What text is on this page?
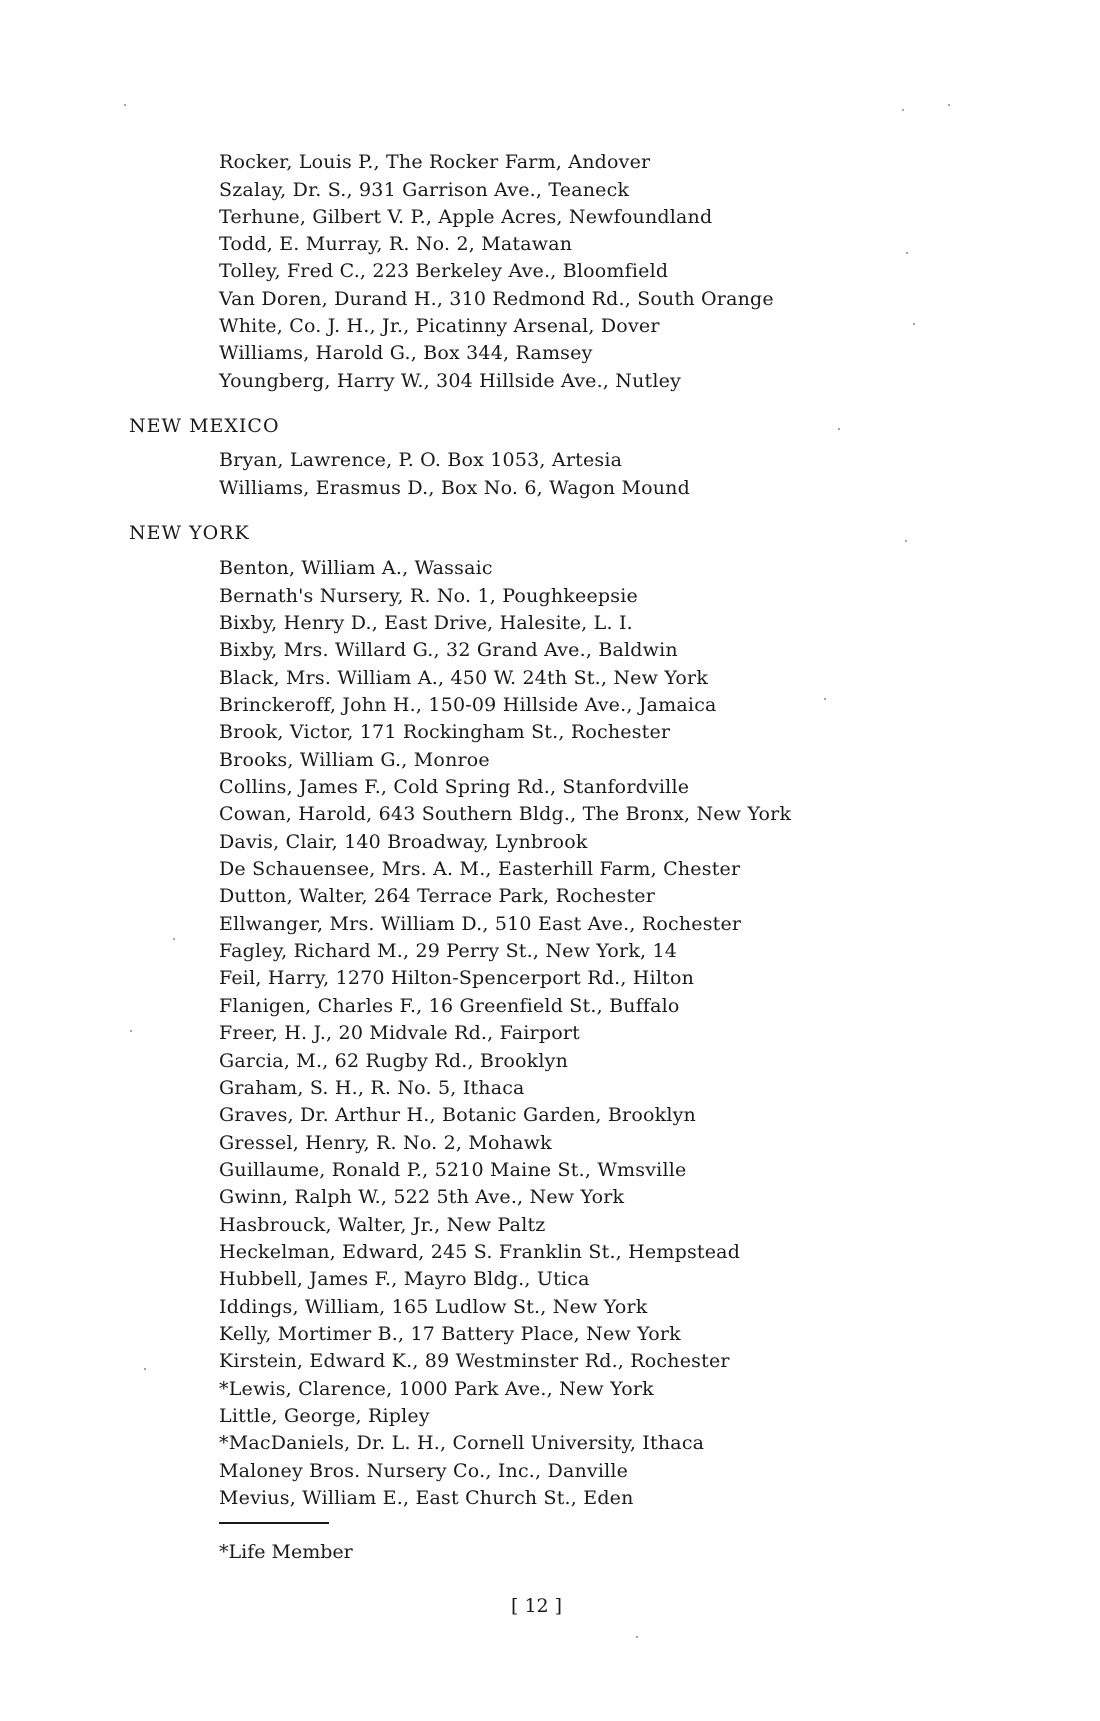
Rocker, Louis P., The Rocker Farm, Andover
Szalay, Dr. S., 931 Garrison Ave., Teaneck
Terhune, Gilbert V. P., Apple Acres, Newfoundland
Todd, E. Murray, R. No. 2, Matawan
Tolley, Fred C., 223 Berkeley Ave., Bloomfield
Van Doren, Durand H., 310 Redmond Rd., South Orange
White, Co. J. H., Jr., Picatinny Arsenal, Dover
Williams, Harold G., Box 344, Ramsey
Youngberg, Harry W., 304 Hillside Ave., Nutley
NEW MEXICO
Bryan, Lawrence, P. O. Box 1053, Artesia
Williams, Erasmus D., Box No. 6, Wagon Mound
NEW YORK
Benton, William A., Wassaic
Bernath's Nursery, R. No. 1, Poughkeepsie
Bixby, Henry D., East Drive, Halesite, L. I.
Bixby, Mrs. Willard G., 32 Grand Ave., Baldwin
Black, Mrs. William A., 450 W. 24th St., New York
Brinckeroff, John H., 150-09 Hillside Ave., Jamaica
Brook, Victor, 171 Rockingham St., Rochester
Brooks, William G., Monroe
Collins, James F., Cold Spring Rd., Stanfordville
Cowan, Harold, 643 Southern Bldg., The Bronx, New York
Davis, Clair, 140 Broadway, Lynbrook
De Schauensee, Mrs. A. M., Easterhill Farm, Chester
Dutton, Walter, 264 Terrace Park, Rochester
Ellwanger, Mrs. William D., 510 East Ave., Rochester
Fagley, Richard M., 29 Perry St., New York, 14
Feil, Harry, 1270 Hilton-Spencerport Rd., Hilton
Flanigen, Charles F., 16 Greenfield St., Buffalo
Freer, H. J., 20 Midvale Rd., Fairport
Garcia, M., 62 Rugby Rd., Brooklyn
Graham, S. H., R. No. 5, Ithaca
Graves, Dr. Arthur H., Botanic Garden, Brooklyn
Gressel, Henry, R. No. 2, Mohawk
Guillaume, Ronald P., 5210 Maine St., Wmsville
Gwinn, Ralph W., 522 5th Ave., New York
Hasbrouck, Walter, Jr., New Paltz
Heckelman, Edward, 245 S. Franklin St., Hempstead
Hubbell, James F., Mayro Bldg., Utica
Iddings, William, 165 Ludlow St., New York
Kelly, Mortimer B., 17 Battery Place, New York
Kirstein, Edward K., 89 Westminster Rd., Rochester
*Lewis, Clarence, 1000 Park Ave., New York
Little, George, Ripley
*MacDaniels, Dr. L. H., Cornell University, Ithaca
Maloney Bros. Nursery Co., Inc., Danville
Mevius, William E., East Church St., Eden
*Life Member
[ 12 ]
